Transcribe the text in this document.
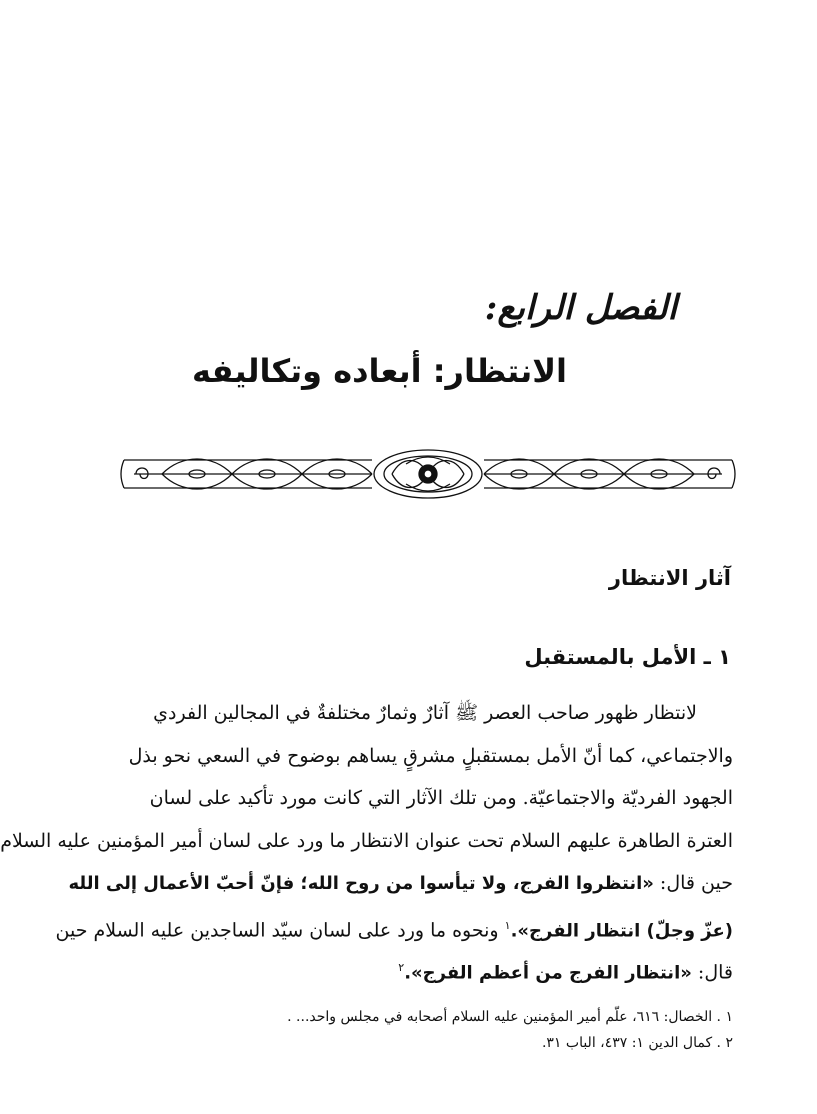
الفصل الرابع:
الانتظار: أبعاده وتكاليفه
آثار الانتظار
١ ـ الأمل بالمستقبل
لانتظار ظهور صاحب العصر ﷺ آثارٌ وثمارٌ مختلفةٌ في المجالين الفردي
والاجتماعي، كما أنّ الأمل بمستقبلٍ مشرقٍ يساهم بوضوح في السعي نحو بذل
الجهود الفرديّة والاجتماعيّة. ومن تلك الآثار التي كانت مورد تأكيد على لسان
العترة الطاهرة عليهم السلام تحت عنوان الانتظار ما ورد على لسان أمير المؤمنين عليه السلام
حين قال: «انتظروا الفرج، ولا تيأسوا من روح الله؛ فإنّ أحبّ الأعمال إلى الله
(عزّ وجلّ) انتظار الفرج».$^١$ ونحوه ما ورد على لسان سيّد الساجدين عليه السلام حين
قال: «انتظار الفرج من أعظم الفرج».$^٢$
١ . الخصال: ٦١٦، علّم أمير المؤمنين عليه السلام أصحابه في مجلس واحد... .
٢ . كمال الدين ١: ٤٣٧، الباب ٣١.
